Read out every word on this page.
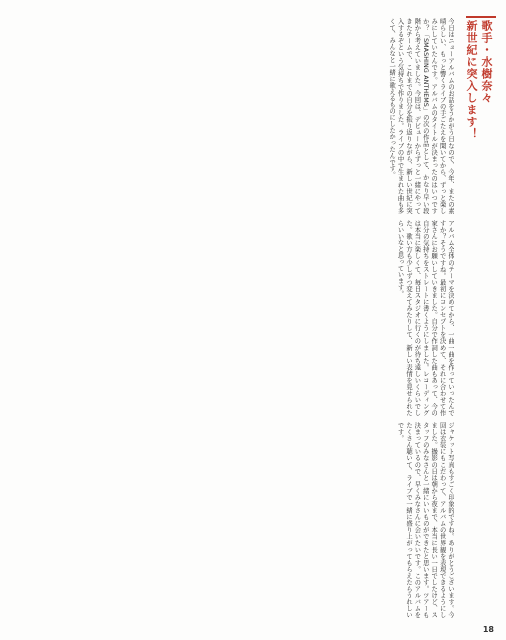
歌手・水樹奈々
新世紀に突入します！
今日はニューアルバムのお話をうかがう日なので、今年、またの素晴らしい、もっと響くライブの手ごたえを聞いてから、ずっと楽しみにしていたんです。アルバムのタイトルが決まったのはいつですか？「SMASHING ANTHEMS」の次の作品として、かなり早い段階から考えていました。今回は、デビューからずっと一緒にやってきたチームで、これまでの自分を振り返りながら、新しい世紀に突入するぞという気持ちで作りました。ライブの中で生まれた曲も多くて、みんなと一緒に歌えるものにしたかったんです。
アルバム全体のテーマを決めてから、一曲一曲を作っていったんですか？そうですね。最初にコンセプトを決めて、それに合わせて作家さんにお願いしていきました。自分で作詞した曲もあって、今の自分の気持ちをストレートに書くようにしました。レコーディングは本当に楽しくて、毎日スタジオに行くのが待ち遠しいくらいでした。歌い方も少しずつ変えてみたりして、新しい表情を見せられたらいいなと思っています。
ジャケット写真もすごく印象的ですね。ありがとうございます。今回は衣装にもこだわって、アルバムの世界観を表現できるようにしました。撮影の日は朝から夜まで、本当に長い一日でしたけど、スタッフのみなさんと一緒にいいものができたと思います。ツアーも決まっているので、早くみなさんに会いたいです。このアルバムをたくさん聴いて、ライブで一緒に盛り上がってもらえたらうれしいです。
18
